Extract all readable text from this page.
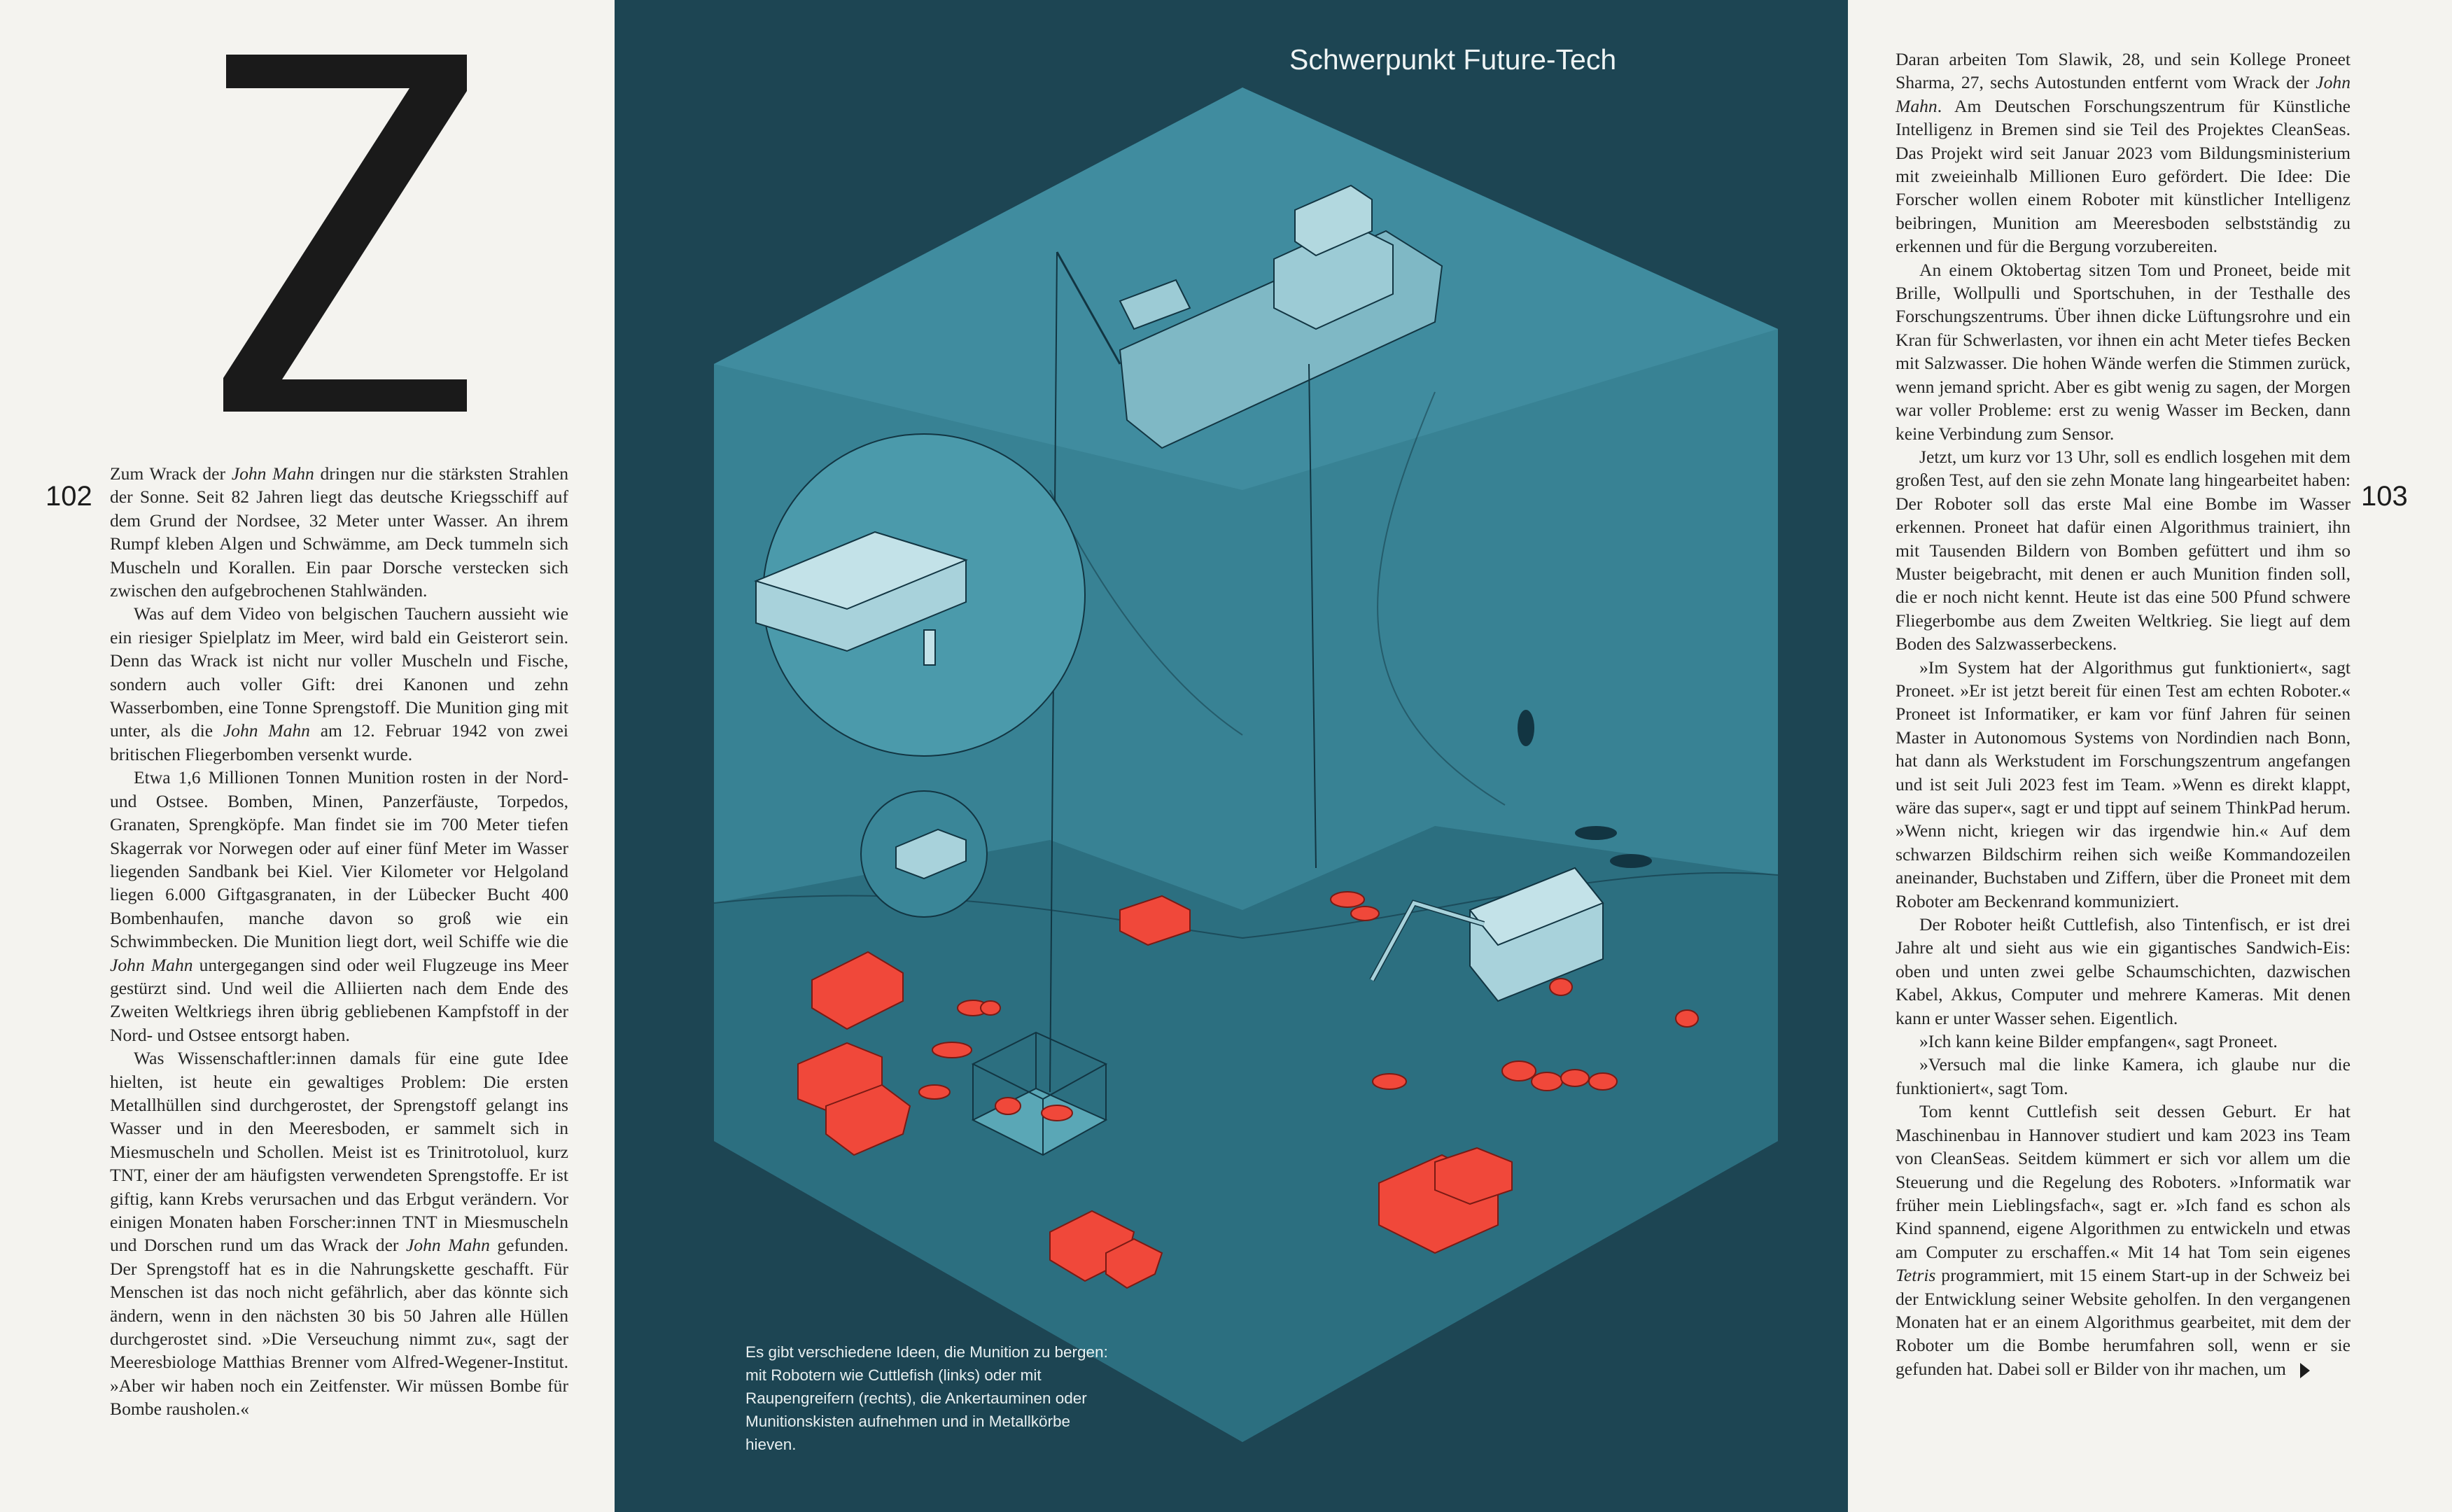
102

Zum Wrack der John Mahn dringen nur die stärksten Strahlen der Sonne. Seit 82 Jahren liegt das deutsche Kriegsschiff auf dem Grund der Nordsee, 32 Meter unter Wasser. An ihrem Rumpf kleben Algen und Schwämme, am Deck tummeln sich Muscheln und Korallen. Ein paar Dorsche verstecken sich zwischen den aufgebrochenen Stahlwänden.

Was auf dem Video von belgischen Tauchern aussieht wie ein riesiger Spielplatz im Meer, wird bald ein Geisterort sein. Denn das Wrack ist nicht nur voller Muscheln und Fische, sondern auch voller Gift: drei Kanonen und zehn Wasserbomben, eine Tonne Sprengstoff. Die Munition ging mit unter, als die John Mahn am 12. Februar 1942 von zwei britischen Fliegerbomben versenkt wurde.

Etwa 1,6 Millionen Tonnen Munition rosten in der Nord- und Ostsee. Bomben, Minen, Panzerfäuste, Torpedos, Granaten, Sprengköpfe. Man findet sie im 700 Meter tiefen Skagerrak vor Norwegen oder auf einer fünf Meter im Wasser liegenden Sandbank bei Kiel. Vier Kilometer vor Helgoland liegen 6.000 Giftgasgranaten, in der Lübecker Bucht 400 Bombenhaufen, manche davon so groß wie ein Schwimmbecken. Die Munition liegt dort, weil Schiffe wie die John Mahn untergegangen sind oder weil Flugzeuge ins Meer gestürzt sind. Und weil die Alliierten nach dem Ende des Zweiten Weltkriegs ihren übrig gebliebenen Kampfstoff in der Nord- und Ostsee entsorgt haben.

Was Wissenschaftler:innen damals für eine gute Idee hielten, ist heute ein gewaltiges Problem: Die ersten Metallhüllen sind durchgerostet, der Sprengstoff gelangt ins Wasser und in den Meeresboden, er sammelt sich in Miesmuscheln und Schollen. Meist ist es Trinitrotoluol, kurz TNT, einer der am häufigsten verwendeten Sprengstoffe. Er ist giftig, kann Krebs verursachen und das Erbgut verändern. Vor einigen Monaten haben Forscher:innen TNT in Miesmuscheln und Dorschen rund um das Wrack der John Mahn gefunden. Der Sprengstoff hat es in die Nahrungskette geschafft. Für Menschen ist das noch nicht gefährlich, aber das könnte sich ändern, wenn in den nächsten 30 bis 50 Jahren alle Hüllen durchgerostet sind. »Die Verseuchung nimmt zu«, sagt der Meeresbiologe Matthias Brenner vom Alfred-Wegener-Institut. »Aber wir haben noch ein Zeitfenster. Wir müssen Bombe für Bombe rausholen.«

Schwerpunkt Future-Tech
Es gibt verschiedene Ideen, die Munition zu bergen: mit Robotern wie Cuttlefish (links) oder mit Raupengreifern (rechts), die Ankertauminen oder Munitionskisten aufnehmen und in Metallkörbe hieven.
103

Daran arbeiten Tom Slawik, 28, und sein Kollege Proneet Sharma, 27, sechs Autostunden entfernt vom Wrack der John Mahn. Am Deutschen Forschungszentrum für Künstliche Intelligenz in Bremen sind sie Teil des Projektes CleanSeas. Das Projekt wird seit Januar 2023 vom Bildungsministerium mit zweieinhalb Millionen Euro gefördert. Die Idee: Die Forscher wollen einem Roboter mit künstlicher Intelligenz beibringen, Munition am Meeresboden selbstständig zu erkennen und für die Bergung vorzubereiten.

An einem Oktobertag sitzen Tom und Proneet, beide mit Brille, Wollpulli und Sportschuhen, in der Testhalle des Forschungszentrums. Über ihnen dicke Lüftungsrohre und ein Kran für Schwerlasten, vor ihnen ein acht Meter tiefes Becken mit Salzwasser. Die hohen Wände werfen die Stimmen zurück, wenn jemand spricht. Aber es gibt wenig zu sagen, der Morgen war voller Probleme: erst zu wenig Wasser im Becken, dann keine Verbindung zum Sensor.

Jetzt, um kurz vor 13 Uhr, soll es endlich losgehen mit dem großen Test, auf den sie zehn Monate lang hingearbeitet haben: Der Roboter soll das erste Mal eine Bombe im Wasser erkennen. Proneet hat dafür einen Algorithmus trainiert, ihn mit Tausenden Bildern von Bomben gefüttert und ihm so Muster beigebracht, mit denen er auch Munition finden soll, die er noch nicht kennt. Heute ist das eine 500 Pfund schwere Fliegerbombe aus dem Zweiten Weltkrieg. Sie liegt auf dem Boden des Salzwasserbeckens.

»Im System hat der Algorithmus gut funktioniert«, sagt Proneet. »Er ist jetzt bereit für einen Test am echten Roboter.« Proneet ist Informatiker, er kam vor fünf Jahren für seinen Master in Autonomous Systems von Nordindien nach Bonn, hat dann als Werkstudent im Forschungszentrum angefangen und ist seit Juli 2023 fest im Team. »Wenn es direkt klappt, wäre das super«, sagt er und tippt auf seinem ThinkPad herum. »Wenn nicht, kriegen wir das irgendwie hin.« Auf dem schwarzen Bildschirm reihen sich weiße Kommandozeilen aneinander, Buchstaben und Ziffern, über die Proneet mit dem Roboter am Beckenrand kommuniziert.

Der Roboter heißt Cuttlefish, also Tintenfisch, er ist drei Jahre alt und sieht aus wie ein gigantisches Sandwich-Eis: oben und unten zwei gelbe Schaumschichten, dazwischen Kabel, Akkus, Computer und mehrere Kameras. Mit denen kann er unter Wasser sehen. Eigentlich.

»Ich kann keine Bilder empfangen«, sagt Proneet.

»Versuch mal die linke Kamera, ich glaube nur die funktioniert«, sagt Tom.

Tom kennt Cuttlefish seit dessen Geburt. Er hat Maschinenbau in Hannover studiert und kam 2023 ins Team von CleanSeas. Seitdem kümmert er sich vor allem um die Steuerung und die Regelung des Roboters. »Informatik war früher mein Lieblingsfach«, sagt er. »Ich fand es schon als Kind spannend, eigene Algorithmen zu entwickeln und etwas am Computer zu erschaffen.« Mit 14 hat Tom sein eigenes Tetris programmiert, mit 15 einem Start-up in der Schweiz bei der Entwicklung seiner Website geholfen. In den vergangenen Monaten hat er an einem Algorithmus gearbeitet, mit dem der Roboter um die Bombe herumfahren soll, wenn er sie gefunden hat. Dabei soll er Bilder von ihr machen, um
